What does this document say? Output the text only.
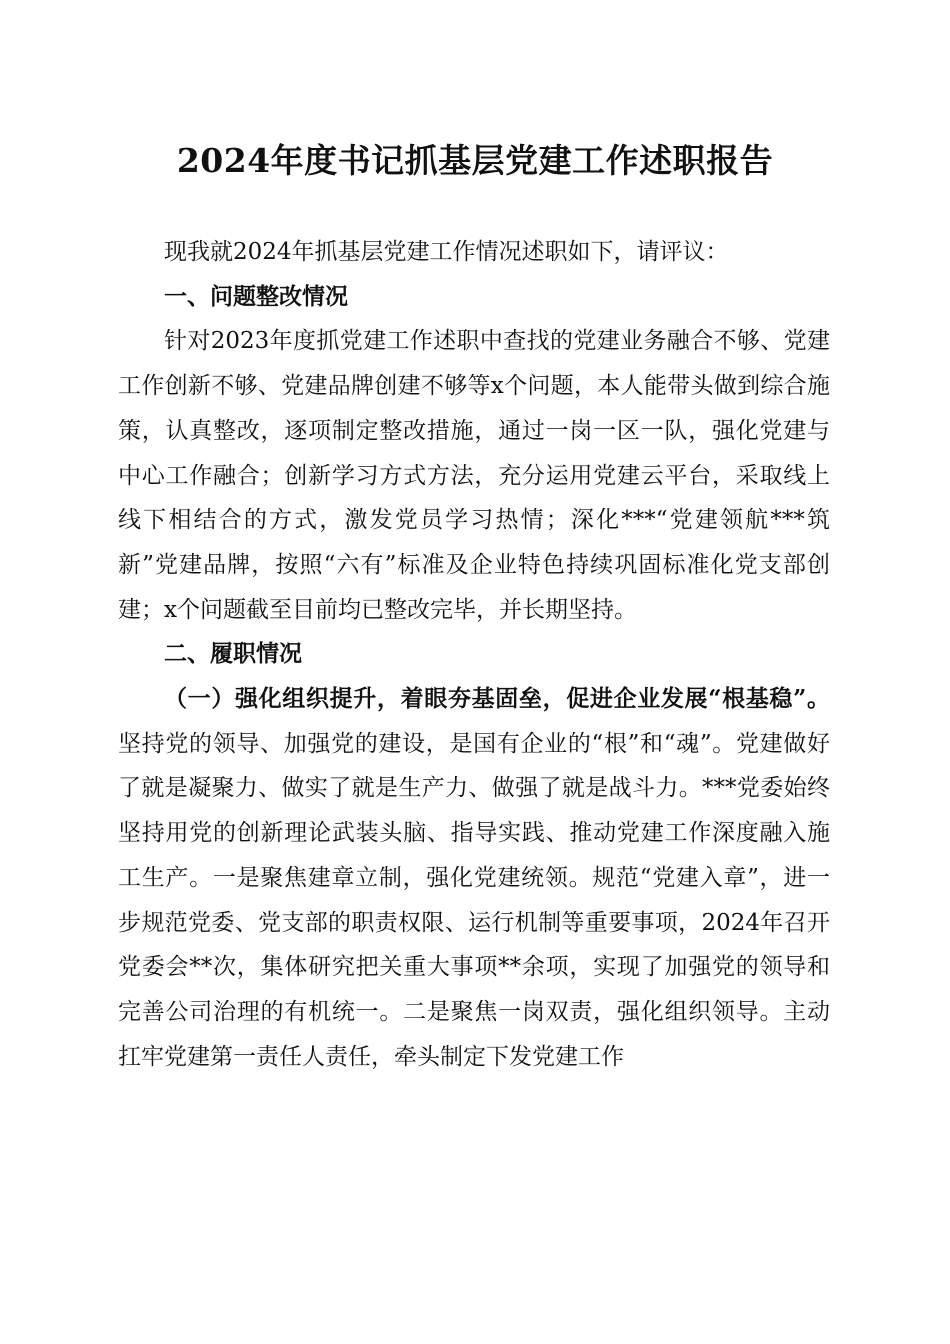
2024年度书记抓基层党建工作述职报告

现我就2024年抓基层党建工作情况述职如下，请评议：

一、问题整改情况

针对2023年度抓党建工作述职中查找的党建业务融合不够、党建工作创新不够、党建品牌创建不够等x个问题，本人能带头做到综合施策，认真整改，逐项制定整改措施，通过一岗一区一队，强化党建与中心工作融合；创新学习方式方法，充分运用党建云平台，采取线上线下相结合的方式，激发党员学习热情；深化***“党建领航***筑新”党建品牌，按照“六有”标准及企业特色持续巩固标准化党支部创建；x个问题截至目前均已整改完毕，并长期坚持。

二、履职情况

（一）强化组织提升，着眼夯基固垒，促进企业发展“根基稳”。坚持党的领导、加强党的建设，是国有企业的“根”和“魂”。党建做好了就是凝聚力、做实了就是生产力、做强了就是战斗力。***党委始终坚持用党的创新理论武装头脑、指导实践、推动党建工作深度融入施工生产。一是聚焦建章立制，强化党建统领。规范“党建入章”，进一步规范党委、党支部的职责权限、运行机制等重要事项，2024年召开党委会**次，集体研究把关重大事项**余项，实现了加强党的领导和完善公司治理的有机统一。二是聚焦一岗双责，强化组织领导。主动扛牢党建第一责任人责任，牵头制定下发党建工作
